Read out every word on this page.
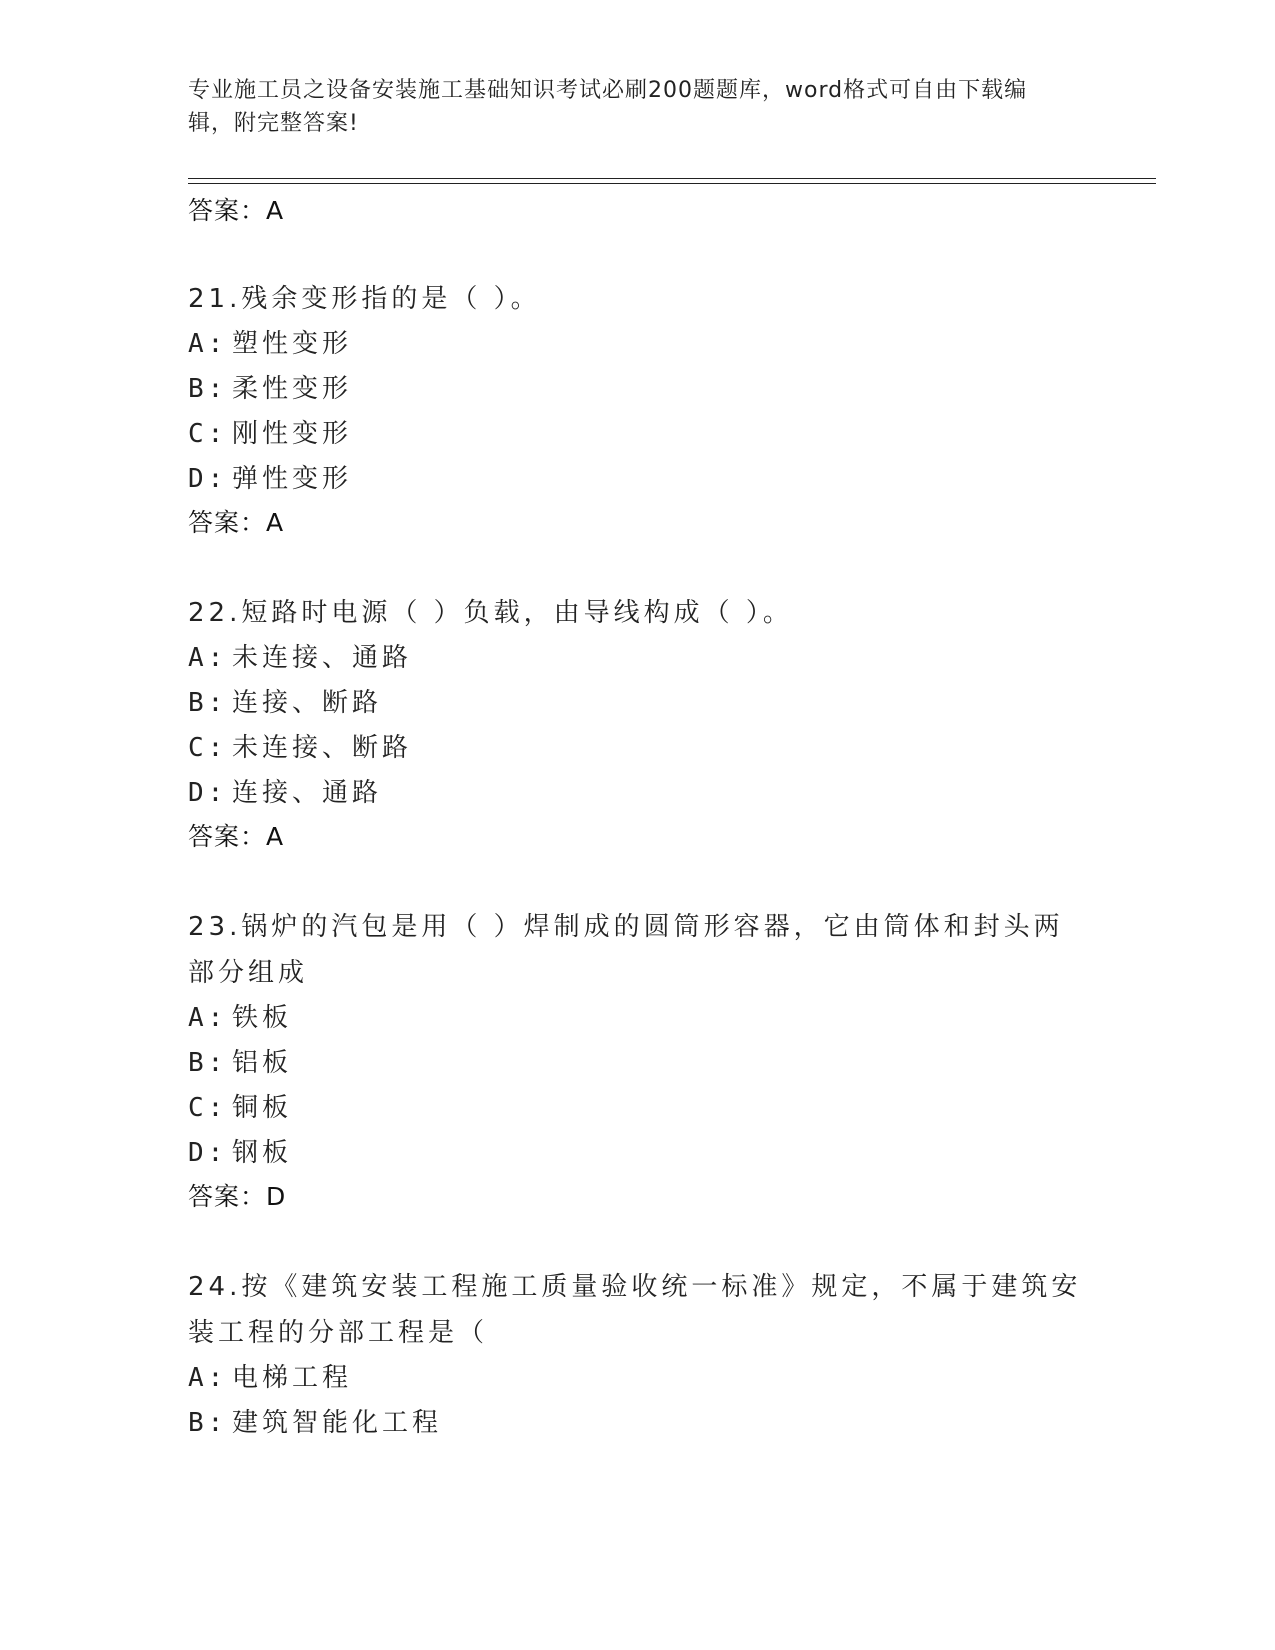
专业施工员之设备安装施工基础知识考试必刷200题题库，word格式可自由下载编辑，附完整答案!
答案：A
21.残余变形指的是（ ）。
A: 塑性变形
B: 柔性变形
C: 刚性变形
D: 弹性变形
答案：A
22.短路时电源（ ）负载，由导线构成（ ）。
A: 未连接、通路
B: 连接、断路
C: 未连接、断路
D: 连接、通路
答案：A
23.锅炉的汽包是用（ ）焊制成的圆筒形容器，它由筒体和封头两部分组成
A: 铁板
B: 铝板
C: 铜板
D: 钢板
答案：D
24.按《建筑安装工程施工质量验收统一标准》规定，不属于建筑安装工程的分部工程是（
A: 电梯工程
B: 建筑智能化工程
